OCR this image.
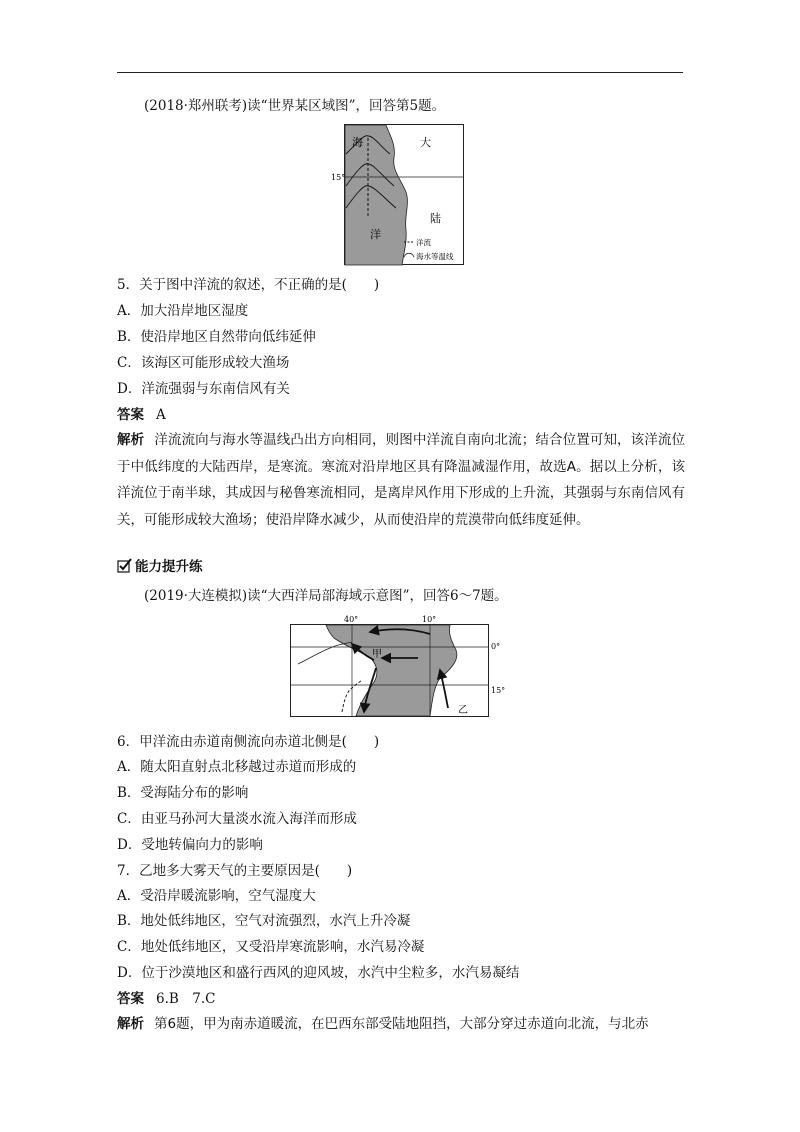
(2018·郑州联考)读“世界某区域图”，回答第5题。
海
洋
大
陆
15°
洋流
海水等温线
5．关于图中洋流的叙述，不正确的是(　　)
A．加大沿岸地区湿度
B．使沿岸地区自然带向低纬延伸
C．该海区可能形成较大渔场
D．洋流强弱与东南信风有关
答案 A
解析 洋流流向与海水等温线凸出方向相同，则图中洋流自南向北流；结合位置可知，该洋流位于中低纬度的大陆西岸，是寒流。寒流对沿岸地区具有降温减湿作用，故选A。据以上分析，该洋流位于南半球，其成因与秘鲁寒流相同，是离岸风作用下形成的上升流，其强弱与东南信风有关，可能形成较大渔场；使沿岸降水减少，从而使沿岸的荒漠带向低纬度延伸。
能力提升练
(2019·大连模拟)读“大西洋局部海域示意图”，回答6～7题。
40°	10°
0°
15°
甲
乙
6．甲洋流由赤道南侧流向赤道北侧是(　　)
A．随太阳直射点北移越过赤道而形成的
B．受海陆分布的影响
C．由亚马孙河大量淡水流入海洋而形成
D．受地转偏向力的影响
7．乙地多大雾天气的主要原因是(　　)
A．受沿岸暖流影响，空气湿度大
B．地处低纬地区，空气对流强烈，水汽上升冷凝
C．地处低纬地区，又受沿岸寒流影响，水汽易冷凝
D．位于沙漠地区和盛行西风的迎风坡，水汽中尘粒多，水汽易凝结
答案 6.B　7.C
解析 第6题，甲为南赤道暖流，在巴西东部受陆地阻挡，大部分穿过赤道向北流，与北赤
